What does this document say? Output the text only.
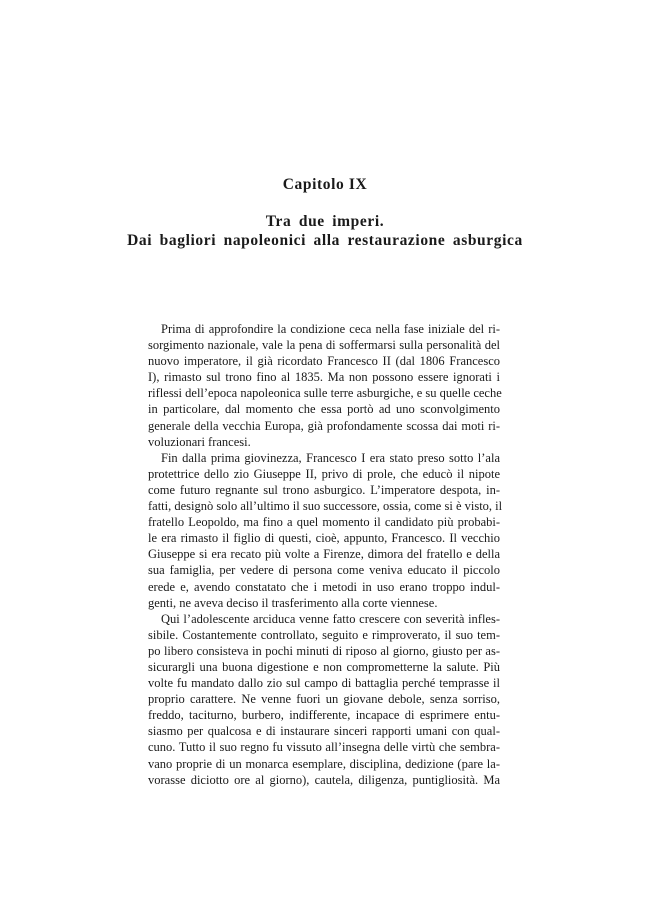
Capitolo IX
Tra due imperi.
Dai bagliori napoleonici alla restaurazione asburgica
Prima di approfondire la condizione ceca nella fase iniziale del ri-
sorgimento nazionale, vale la pena di soffermarsi sulla personalità del
nuovo imperatore, il già ricordato Francesco II (dal 1806 Francesco
I), rimasto sul trono fino al 1835. Ma non possono essere ignorati i
riflessi dell’epoca napoleonica sulle terre asburgiche, e su quelle ceche
in particolare, dal momento che essa portò ad uno sconvolgimento
generale della vecchia Europa, già profondamente scossa dai moti ri-
voluzionari francesi.
Fin dalla prima giovinezza, Francesco I era stato preso sotto l’ala
protettrice dello zio Giuseppe II, privo di prole, che educò il nipote
come futuro regnante sul trono asburgico. L’imperatore despota, in-
fatti, designò solo all’ultimo il suo successore, ossia, come si è visto, il
fratello Leopoldo, ma fino a quel momento il candidato più probabi-
le era rimasto il figlio di questi, cioè, appunto, Francesco. Il vecchio
Giuseppe si era recato più volte a Firenze, dimora del fratello e della
sua famiglia, per vedere di persona come veniva educato il piccolo
erede e, avendo constatato che i metodi in uso erano troppo indul-
genti, ne aveva deciso il trasferimento alla corte viennese.
Qui l’adolescente arciduca venne fatto crescere con severità infles-
sibile. Costantemente controllato, seguito e rimproverato, il suo tem-
po libero consisteva in pochi minuti di riposo al giorno, giusto per as-
sicurargli una buona digestione e non comprometterne la salute. Più
volte fu mandato dallo zio sul campo di battaglia perché temprasse il
proprio carattere. Ne venne fuori un giovane debole, senza sorriso,
freddo, taciturno, burbero, indifferente, incapace di esprimere entu-
siasmo per qualcosa e di instaurare sinceri rapporti umani con qual-
cuno. Tutto il suo regno fu vissuto all’insegna delle virtù che sembra-
vano proprie di un monarca esemplare, disciplina, dedizione (pare la-
vorasse diciotto ore al giorno), cautela, diligenza, puntigliosità. Ma
